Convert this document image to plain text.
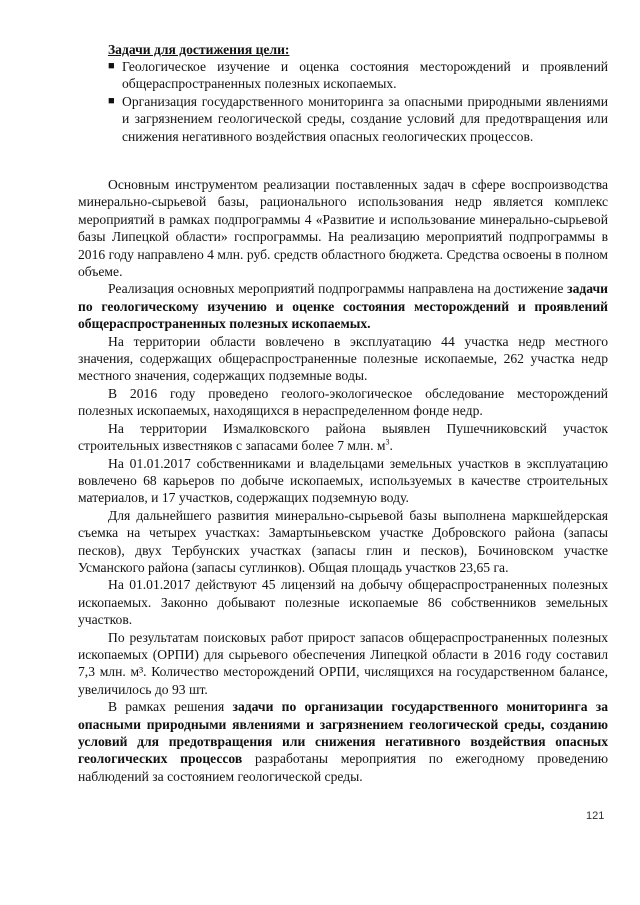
Задачи для достижения цели:
■ Геологическое изучение и оценка состояния месторождений и проявлений общераспространенных полезных ископаемых.
■ Организация государственного мониторинга за опасными природными явлениями и загрязнением геологической среды, создание условий для предотвращения или снижения негативного воздействия опасных геологических процессов.

Основным инструментом реализации поставленных задач в сфере воспроизводства минерально-сырьевой базы, рационального использования недр является комплекс мероприятий в рамках подпрограммы 4 «Развитие и использование минерально-сырьевой базы Липецкой области» госпрограммы. На реализацию мероприятий подпрограммы в 2016 году направлено 4 млн. руб. средств областного бюджета. Средства освоены в полном объеме.

Реализация основных мероприятий подпрограммы направлена на достижение задачи по геологическому изучению и оценке состояния месторождений и проявлений общераспространенных полезных ископаемых.

На территории области вовлечено в эксплуатацию 44 участка недр местного значения, содержащих общераспространенные полезные ископаемые, 262 участка недр местного значения, содержащих подземные воды.

В 2016 году проведено геолого-экологическое обследование месторождений полезных ископаемых, находящихся в нераспределенном фонде недр.

На территории Измалковского района выявлен Пушечниковский участок строительных известняков с запасами более 7 млн. $м^3$.

На 01.01.2017 собственниками и владельцами земельных участков в эксплуатацию вовлечено 68 карьеров по добыче ископаемых, используемых в качестве строительных материалов, и 17 участков, содержащих подземную воду.

Для дальнейшего развития минерально-сырьевой базы выполнена маркшейдерская съемка на четырех участках: Замартыньевском участке Добровского района (запасы песков), двух Тербунских участках (запасы глин и песков), Бочиновском участке Усманского района (запасы суглинков). Общая площадь участков 23,65 га.

На 01.01.2017 действуют 45 лицензий на добычу общераспространенных полезных ископаемых. Законно добывают полезные ископаемые 86 собственников земельных участков.

По результатам поисковых работ прирост запасов общераспространенных полезных ископаемых (ОРПИ) для сырьевого обеспечения Липецкой области в 2016 году составил 7,3 млн. м³. Количество месторождений ОРПИ, числящихся на государственном балансе, увеличилось до 93 шт.

В рамках решения задачи по организации государственного мониторинга за опасными природными явлениями и загрязнением геологической среды, созданию условий для предотвращения или снижения негативного воздействия опасных геологических процессов разработаны мероприятия по ежегодному проведению наблюдений за состоянием геологической среды.

121
